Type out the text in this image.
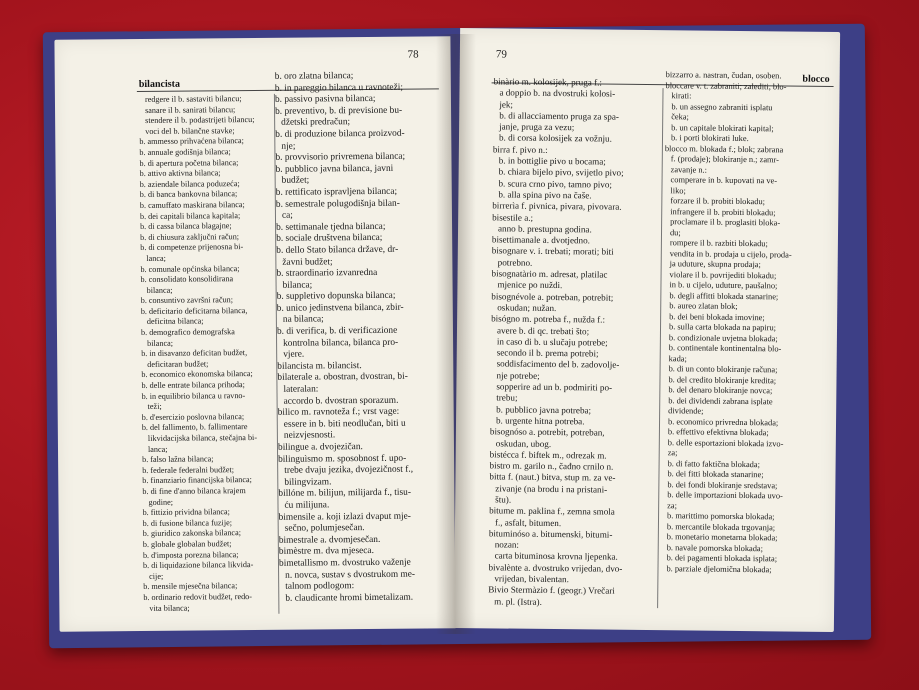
78
bilancista
redgere il b. sastaviti bilancu;
sanare il b. sanirati bilancu;
stendere il b. podastrijeti bilancu;
voci del b. bilančne stavke;
b. ammesso prihvaćena bilanca;
b. annuale godišnja bilanca;
b. di apertura početna bilanca;
b. attivo aktivna bilanca;
b. aziendale bilanca poduzeća;
b. di banca bankovna bilanca;
b. camuffato maskirana bilanca;
b. dei capitali bilanca kapitala;
b. di cassa bilanca blagajne;
b. di chiusura zaključni račun;
b. di competenze prijenosna bi-
lanca;
b. comunale općinska bilanca;
b. consolidato konsolidirana
bilanca;
b. consuntivo završni račun;
b. deficitario deficitarna bilanca,
deficitna bilanca;
b. demografico demografska
bilanca;
b. in disavanzo deficitan budžet,
deficitaran budžet;
b. economico ekonomska bilanca;
b. delle entrate bilanca prihoda;
b. in equilibrio bilanca u ravno-
teži;
b. d'esercizio poslovna bilanca;
b. del fallimento, b. fallimentare
likvidacijska bilanca, stečajna bi-
lanca;
b. falso lažna bilanca;
b. federale federalni budžet;
b. finanziario financijska bilanca;
b. di fine d'anno bilanca krajem
godine;
b. fittizio prividna bilanca;
b. di fusione bilanca fuzije;
b. giuridico zakonska bilanca;
b. globale globalan budžet;
b. d'imposta porezna bilanca;
b. di liquidazione bilanca likvida-
cije;
b. mensile mjesečna bilanca;
b. ordinario redovit budžet, redo-
vita bilanca;
b. oro zlatna bilanca;
b. in pareggio bilanca u ravnoteži;
b. passivo pasivna bilanca;
b. preventivo, b. di previsione bu-
džetski predračun;
b. di produzione bilanca proizvod-
nje;
b. provvisorio privremena bilanca;
b. pubblico javna bilanca, javni
budžet;
b. rettificato ispravljena bilanca;
b. semestrale polugodišnja bilan-
ca;
b. settimanale tjedna bilanca;
b. sociale društvena bilanca;
b. dello Stato bilanca države, dr-
žavni budžet;
b. straordinario izvanredna
bilanca;
b. suppletivo dopunska bilanca;
b. unico jedinstvena bilanca, zbir-
na bilanca;
b. di verifica, b. di verificazione
kontrolna bilanca, bilanca pro-
vjere.
bilancista m. bilancist.
bilaterale a. obostran, dvostran, bi-
lateralan:
accordo b. dvostran sporazum.
bilico m. ravnoteža f.; vrst vage:
essere in b. biti neodlučan, biti u
neizvjesnosti.
bilingue a. dvojezičan.
bilinguìsmo m. sposobnost f. upo-
trebe dvaju jezika, dvojezičnost f.,
bilingvizam.
billóne m. bilijun, milijarda f., tisu-
ću milijuna.
bimensile a. koji izlazi dvaput mje-
sečno, polumjesečan.
bimestrale a. dvomjesečan.
bimèstre m. dva mjeseca.
bimetallìsmo m. dvostruko važenje
n. novca, sustav s dvostrukom me-
talnom podlogom:
b. claudicante hromi bimetalizam.
79
blocco
binàrio m. kolosijek, pruga f.:
a doppio b. na dvostruki kolosi-
jek;
b. di allacciamento pruga za spa-
janje, pruga za vezu;
b. di corsa kolosijek za vožnju.
birra f. pivo n.:
b. in bottiglie pivo u bocama;
b. chiara bijelo pivo, svijetlo pivo;
b. scura crno pivo, tamno pivo;
b. alla spina pivo na čaše.
birrerìa f. pivnica, pivara, pivovara.
bisestile a.;
anno b. prestupna godina.
bisettimanale a. dvotjedno.
bisognare v. i. trebati; morati; biti
potrebno.
bisognatàrio m. adresat, platilac
mjenice po nuždi.
bisognévole a. potreban, potrebit;
oskudan; nužan.
bisógno m. potreba f., nužda f.:
avere b. di qc. trebati što;
in caso di b. u slučaju potrebe;
secondo il b. prema potrebi;
soddisfacimento del b. zadovolje-
nje potrebe;
sopperire ad un b. podmiriti po-
trebu;
b. pubblico javna potreba;
b. urgente hitna potreba.
bisognóso a. potrebit, potreban,
oskudan, ubog.
bistécca f. biftek m., odrezak m.
bistro m. garilo n., čađno crnilo n.
bitta f. (naut.) bitva, stup m. za ve-
zivanje (na brodu i na pristani-
štu).
bitume m. paklina f., zemna smola
f., asfalt, bitumen.
bituminóso a. bitumenski, bitumi-
nozan:
carta bituminosa krovna ljepenka.
bivalènte a. dvostruko vrijedan, dvo-
vrijedan, bivalentan.
Bivio Stermàzio f. (geogr.) Vrečari
m. pl. (Istra).
bizzarro a. nastran, čudan, osoben.
bloccare v. t. zabraniti; zalediti, blo-
kirati:
b. un assegno zabraniti isplatu
čeka;
b. un capitale blokirati kapital;
b. i porti blokirati luke.
blocco m. blokada f.; blok; zabrana
f. (prodaje); blokiranje n.; zamr-
zavanje n.:
comperare in b. kupovati na ve-
liko;
forzare il b. probiti blokadu;
infrangere il b. probiti blokadu;
proclamare il b. proglasiti bloka-
du;
rompere il b. razbiti blokadu;
vendita in b. prodaja u cijelo, proda-
ja uduture, skupna prodaja;
violare il b. povrijediti blokadu;
in b. u cijelo, uduture, paušalno;
b. degli affitti blokada stanarine;
b. aureo zlatan blok;
b. dei beni blokada imovine;
b. sulla carta blokada na papiru;
b. condizionale uvjetna blokada;
b. continentale kontinentalna blo-
kada;
b. di un conto blokiranje računa;
b. del credito blokiranje kredita;
b. del denaro blokiranje novca;
b. dei dividendi zabrana isplate
dividende;
b. economico privredna blokada;
b. effettivo efektivna blokada;
b. delle esportazioni blokada izvo-
za;
b. di fatto faktična blokada;
b. dei fitti blokada stanarine;
b. dei fondi blokiranje sredstava;
b. delle importazioni blokada uvo-
za;
b. marittimo pomorska blokada;
b. mercantile blokada trgovanja;
b. monetario monetarna blokada;
b. navale pomorska blokada;
b. dei pagamenti blokada isplata;
b. parziale djelomična blokada;
